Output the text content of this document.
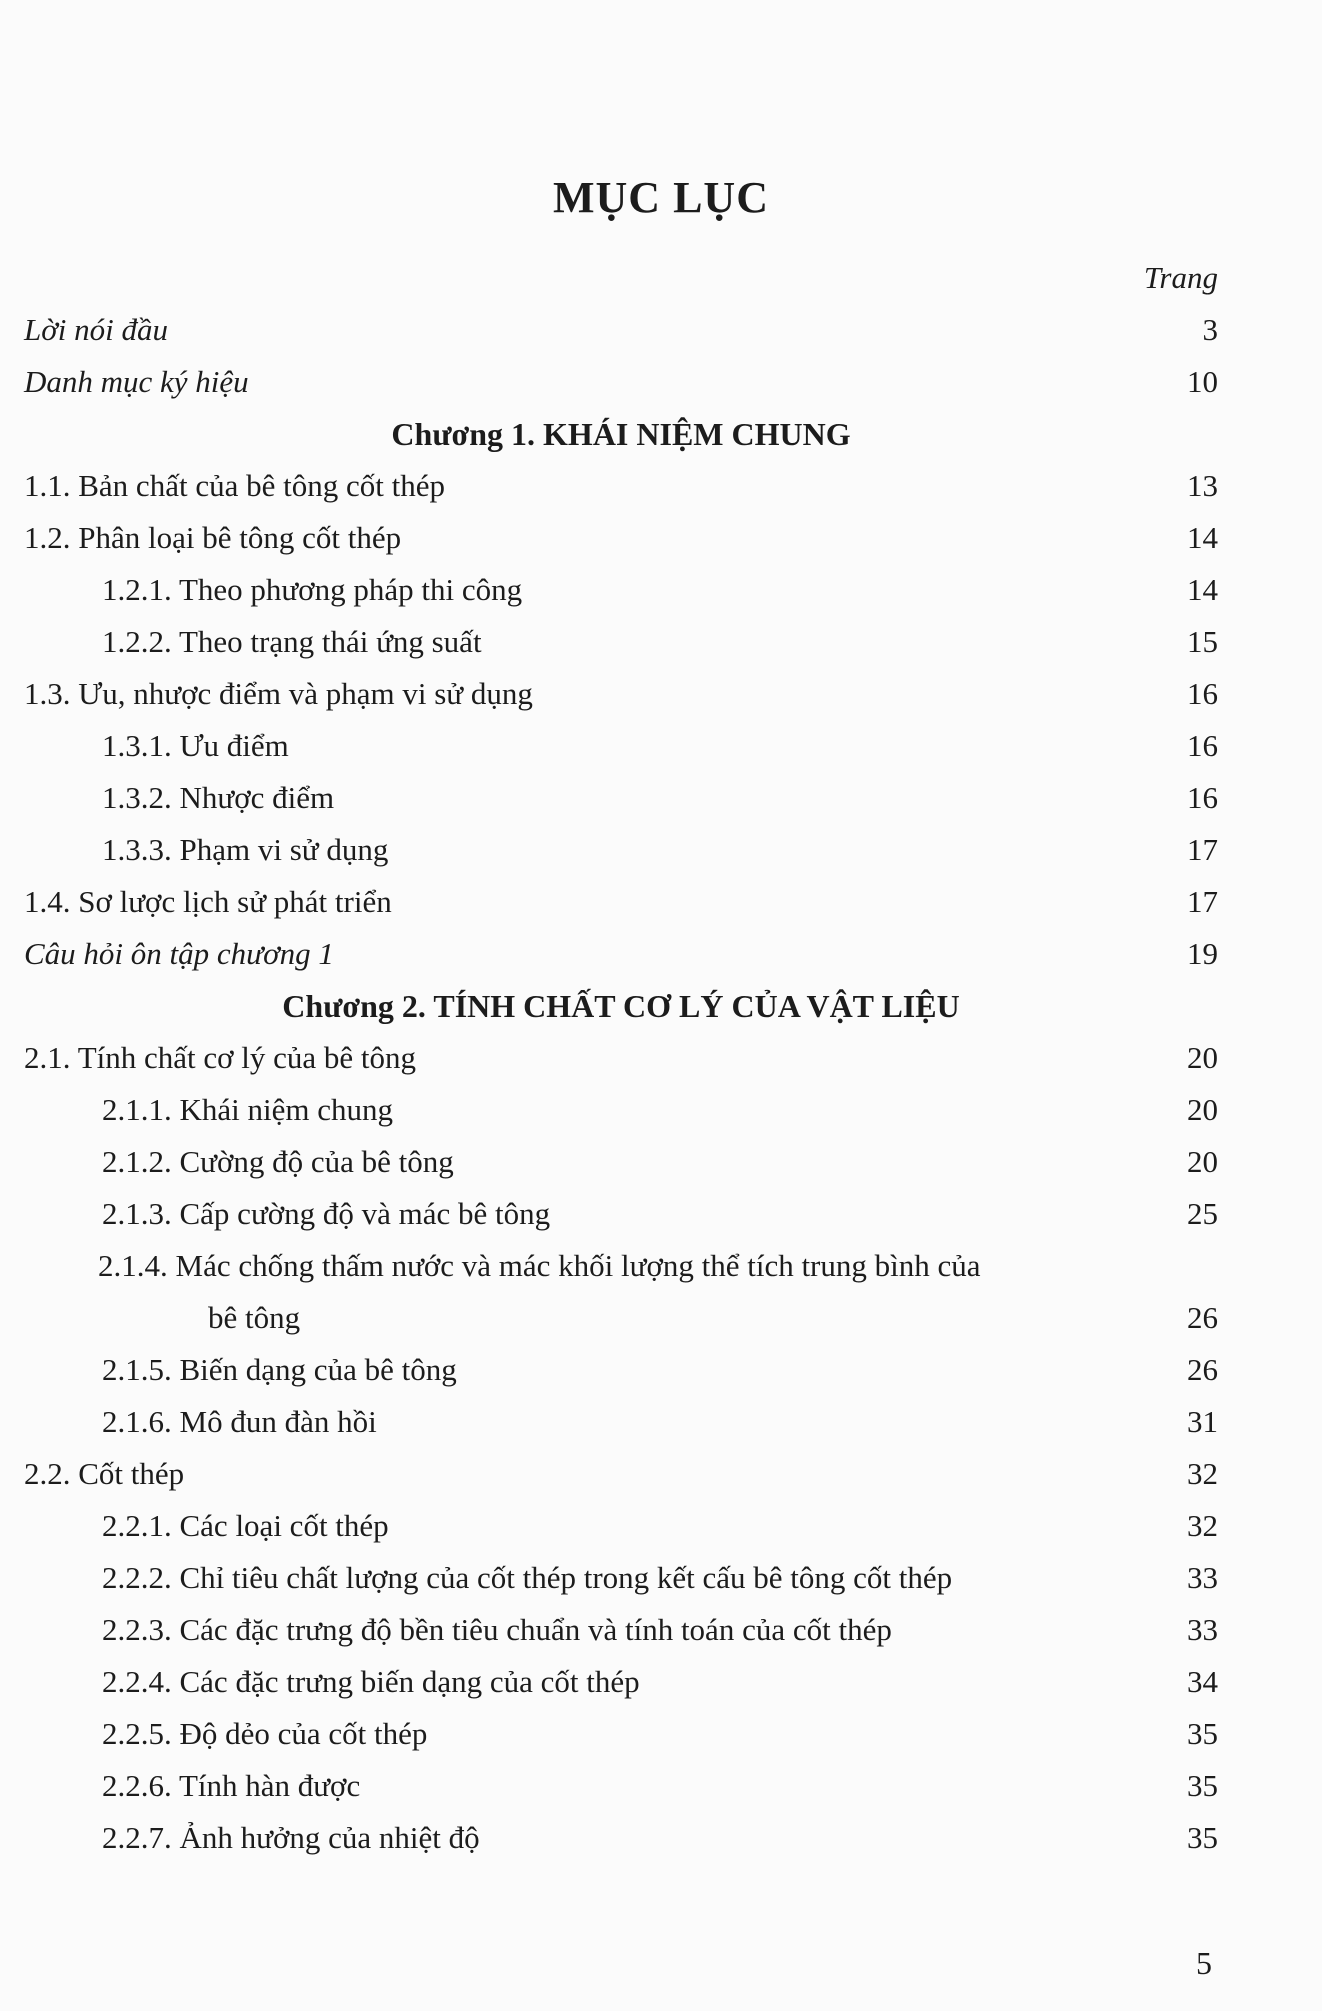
MỤC LỤC
Trang
Lời nói đầu	3
Danh mục ký hiệu	10
Chương 1. KHÁI NIỆM CHUNG
1.1. Bản chất của bê tông cốt thép	13
1.2. Phân loại bê tông cốt thép	14
1.2.1. Theo phương pháp thi công	14
1.2.2. Theo trạng thái ứng suất	15
1.3. Ưu, nhược điểm và phạm vi sử dụng	16
1.3.1. Ưu điểm	16
1.3.2. Nhược điểm	16
1.3.3. Phạm vi sử dụng	17
1.4. Sơ lược lịch sử phát triển	17
Câu hỏi ôn tập chương 1	19
Chương 2. TÍNH CHẤT CƠ LÝ CỦA VẬT LIỆU
2.1. Tính chất cơ lý của bê tông	20
2.1.1. Khái niệm chung	20
2.1.2. Cường độ của bê tông	20
2.1.3. Cấp cường độ và mác bê tông	25
2.1.4. Mác chống thấm nước và mác khối lượng thể tích trung bình của
bê tông	26
2.1.5. Biến dạng của bê tông	26
2.1.6. Mô đun đàn hồi	31
2.2. Cốt thép	32
2.2.1. Các loại cốt thép	32
2.2.2. Chỉ tiêu chất lượng của cốt thép trong kết cấu bê tông cốt thép	33
2.2.3. Các đặc trưng độ bền tiêu chuẩn và tính toán của cốt thép	33
2.2.4. Các đặc trưng biến dạng của cốt thép	34
2.2.5. Độ dẻo của cốt thép	35
2.2.6. Tính hàn được	35
2.2.7. Ảnh hưởng của nhiệt độ	35
5
